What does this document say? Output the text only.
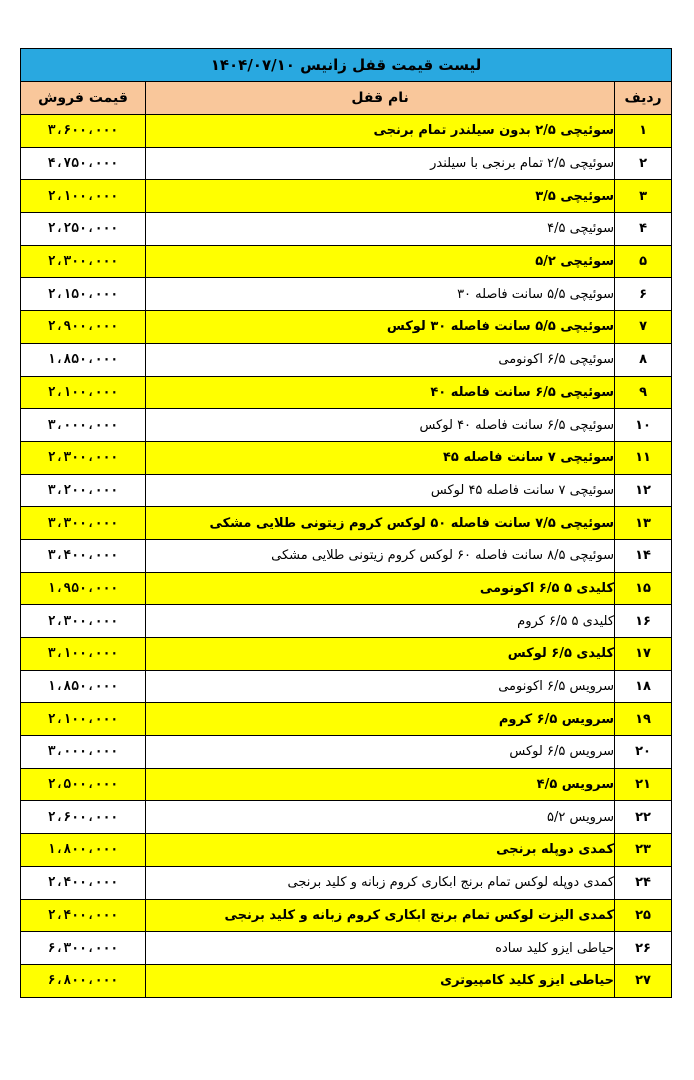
لیست قیمت قفل زانیس ۱۴۰۴/۰۷/۱۰		
ردیف	نام قفل	قیمت فروش
۱	سوئیچی ۲/۵ بدون سیلندر تمام برنجی	۳،۶۰۰،۰۰۰
۲	سوئیچی ۲/۵ تمام برنجی با سیلندر	۴،۷۵۰،۰۰۰
۳	سوئیچی ۳/۵	۲،۱۰۰،۰۰۰
۴	سوئیچی ۴/۵	۲،۲۵۰،۰۰۰
۵	سوئیچی ۵/۲	۲،۳۰۰،۰۰۰
۶	سوئیچی ۵/۵ سانت فاصله ۳۰	۲،۱۵۰،۰۰۰
۷	سوئیچی ۵/۵ سانت فاصله ۳۰ لوکس	۲،۹۰۰،۰۰۰
۸	سوئیچی ۶/۵ اکونومی	۱،۸۵۰،۰۰۰
۹	سوئیچی ۶/۵ سانت فاصله ۴۰	۲،۱۰۰،۰۰۰
۱۰	سوئیچی ۶/۵ سانت فاصله ۴۰ لوکس	۳،۰۰۰،۰۰۰
۱۱	سوئیچی ۷ سانت فاصله ۴۵	۲،۳۰۰،۰۰۰
۱۲	سوئیچی ۷ سانت فاصله ۴۵ لوکس	۳،۲۰۰،۰۰۰
۱۳	سوئیچی ۷/۵ سانت فاصله ۵۰ لوکس کروم زیتونی طلایی مشکی	۳،۳۰۰،۰۰۰
۱۴	سوئیچی ۸/۵ سانت فاصله ۶۰ لوکس کروم زیتونی طلایی مشکی	۳،۴۰۰،۰۰۰
۱۵	کلیدی ۵ ۶/۵ اکونومی	۱،۹۵۰،۰۰۰
۱۶	کلیدی ۵ ۶/۵ کروم	۲،۳۰۰،۰۰۰
۱۷	کلیدی ۶/۵ لوکس	۳،۱۰۰،۰۰۰
۱۸	سرویس ۶/۵ اکونومی	۱،۸۵۰،۰۰۰
۱۹	سرویس ۶/۵ کروم	۲،۱۰۰،۰۰۰
۲۰	سرویس ۶/۵ لوکس	۳،۰۰۰،۰۰۰
۲۱	سرویس ۴/۵	۲،۵۰۰،۰۰۰
۲۲	سرویس ۵/۲	۲،۶۰۰،۰۰۰
۲۳	کمدی دوپله برنجی	۱،۸۰۰،۰۰۰
۲۴	کمدی دوپله لوکس تمام برنج ابکاری کروم زبانه و کلید برنجی	۲،۴۰۰،۰۰۰
۲۵	کمدی الیزت لوکس تمام برنج ابکاری کروم زبانه و کلید برنجی	۲،۴۰۰،۰۰۰
۲۶	حیاطی ایزو کلید ساده	۶،۳۰۰،۰۰۰
۲۷	حیاطی ایزو کلید کامپیوتری	۶،۸۰۰،۰۰۰
